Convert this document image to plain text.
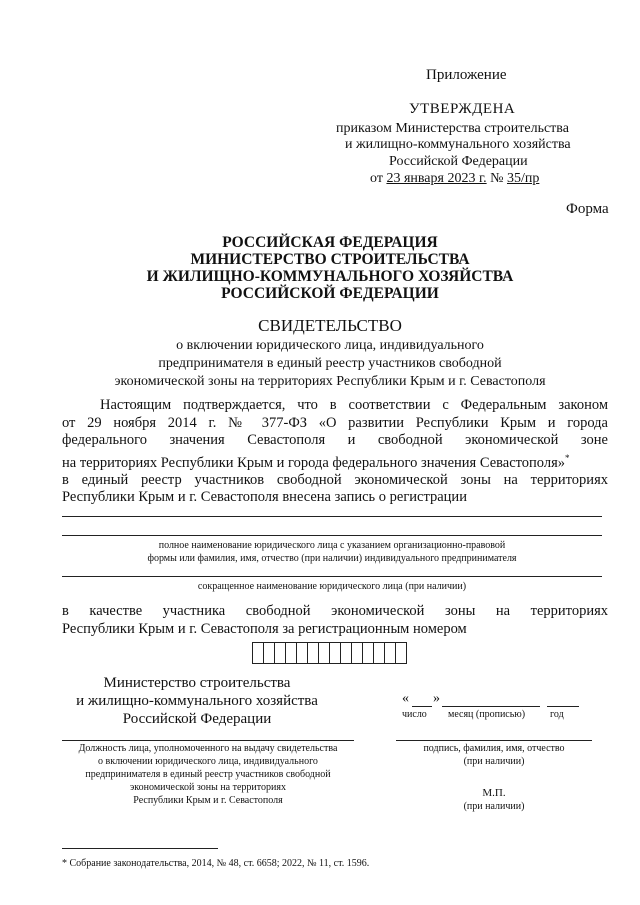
Приложение
УТВЕРЖДЕНА
приказом Министерства строительства
и жилищно-коммунального хозяйства
Российской Федерации
от 23 января 2023 г. № 35/пр
Форма
РОССИЙСКАЯ ФЕДЕРАЦИЯ
МИНИСТЕРСТВО СТРОИТЕЛЬСТВА
И ЖИЛИЩНО-КОММУНАЛЬНОГО ХОЗЯЙСТВА
РОССИЙСКОЙ ФЕДЕРАЦИИ
СВИДЕТЕЛЬСТВО
о включении юридического лица, индивидуального
предпринимателя в единый реестр участников свободной
экономической зоны на территориях Республики Крым и г. Севастополя
Настоящим подтверждается, что в соответствии с Федеральным законом
от 29 ноября 2014 г. № 377-ФЗ «О развитии Республики Крым и города
федерального значения Севастополя и свободной экономической зоне
на территориях Республики Крым и города федерального значения Севастополя»*
в единый реестр участников свободной экономической зоны на территориях
Республики Крым и г. Севастополя внесена запись о регистрации
полное наименование юридического лица с указанием организационно-правовой
формы или фамилия, имя, отчество (при наличии) индивидуального предпринимателя
сокращенное наименование юридического лица (при наличии)
в качестве участника свободной экономической зоны на территориях
Республики Крым и г. Севастополя за регистрационным номером
Министерство строительства
и жилищно-коммунального хозяйства
Российской Федерации
« »
число месяц (прописью) год
Должность лица, уполномоченного на выдачу свидетельства
о включении юридического лица, индивидуального
предпринимателя в единый реестр участников свободной
экономической зоны на территориях
Республики Крым и г. Севастополя
подпись, фамилия, имя, отчество
(при наличии)
М.П.
(при наличии)
* Собрание законодательства, 2014, № 48, ст. 6658; 2022, № 11, ст. 1596.
